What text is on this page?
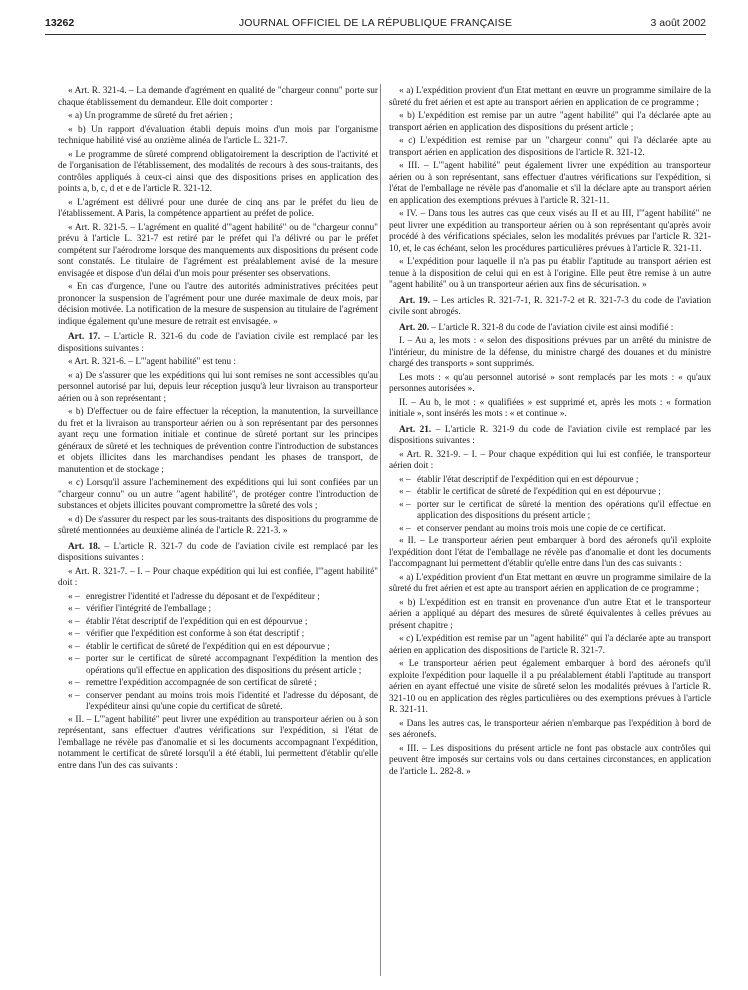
13262	JOURNAL OFFICIEL DE LA RÉPUBLIQUE FRANÇAISE	3 août 2002

« Art. R. 321-4. – La demande d'agrément en qualité de "chargeur connu" porte sur chaque établissement du demandeur. Elle doit comporter :

« a) Un programme de sûreté du fret aérien ;

« b) Un rapport d'évaluation établi depuis moins d'un mois par l'organisme technique habilité visé au onzième alinéa de l'article L. 321-7.

« Le programme de sûreté comprend obligatoirement la description de l'activité et de l'organisation de l'établissement, des modalités de recours à des sous-traitants, des contrôles appliqués à ceux-ci ainsi que des dispositions prises en application des points a, b, c, d et e de l'article R. 321-12.

« L'agrément est délivré pour une durée de cinq ans par le préfet du lieu de l'établissement. A Paris, la compétence appartient au préfet de police.

« Art. R. 321-5. – L'agrément en qualité d'"agent habilité" ou de "chargeur connu" prévu à l'article L. 321-7 est retiré par le préfet qui l'a délivré ou par le préfet compétent sur l'aérodrome lorsque des manquements aux dispositions du présent code sont constatés. Le titulaire de l'agrément est préalablement avisé de la mesure envisagée et dispose d'un délai d'un mois pour présenter ses observations.

« En cas d'urgence, l'une ou l'autre des autorités administratives précitées peut prononcer la suspension de l'agrément pour une durée maximale de deux mois, par décision motivée. La notification de la mesure de suspension au titulaire de l'agrément indique également qu'une mesure de retrait est envisagée. »

Art. 17. – L'article R. 321-6 du code de l'aviation civile est remplacé par les dispositions suivantes :

« Art. R. 321-6. – L'"agent habilité" est tenu :

« a) De s'assurer que les expéditions qui lui sont remises ne sont accessibles qu'au personnel autorisé par lui, depuis leur réception jusqu'à leur livraison au transporteur aérien ou à son représentant ;

« b) D'effectuer ou de faire effectuer la réception, la manutention, la surveillance du fret et la livraison au transporteur aérien ou à son représentant par des personnes ayant reçu une formation initiale et continue de sûreté portant sur les principes généraux de sûreté et les techniques de prévention contre l'introduction de substances et objets illicites dans les marchandises pendant les phases de transport, de manutention et de stockage ;

« c) Lorsqu'il assure l'acheminement des expéditions qui lui sont confiées par un "chargeur connu" ou un autre "agent habilité", de protéger contre l'introduction de substances et objets illicites pouvant compromettre la sûreté des vols ;

« d) De s'assurer du respect par les sous-traitants des dispositions du programme de sûreté mentionnées au deuxième alinéa de l'article R. 221-3. »

Art. 18. – L'article R. 321-7 du code de l'aviation civile est remplacé par les dispositions suivantes :

« Art. R. 321-7. – I. – Pour chaque expédition qui lui est confiée, l'"agent habilité" doit :

« – enregistrer l'identité et l'adresse du déposant et de l'expéditeur ;
« – vérifier l'intégrité de l'emballage ;
« – établir l'état descriptif de l'expédition qui en est dépourvue ;
« – vérifier que l'expédition est conforme à son état descriptif ;
« – établir le certificat de sûreté de l'expédition qui en est dépourvue ;
« – porter sur le certificat de sûreté accompagnant l'expédition la mention des opérations qu'il effectue en application des dispositions du présent article ;
« – remettre l'expédition accompagnée de son certificat de sûreté ;
« – conserver pendant au moins trois mois l'identité et l'adresse du déposant, de l'expéditeur ainsi qu'une copie du certificat de sûreté.

« II. – L'"agent habilité" peut livrer une expédition au transporteur aérien ou à son représentant, sans effectuer d'autres vérifications sur l'expédition, si l'état de l'emballage ne révèle pas d'anomalie et si les documents accompagnant l'expédition, notamment le certificat de sûreté lorsqu'il a été établi, lui permettent d'établir qu'elle entre dans l'un des cas suivants :

« a) L'expédition provient d'un Etat mettant en œuvre un programme similaire de la sûreté du fret aérien et est apte au transport aérien en application de ce programme ;

« b) L'expédition est remise par un autre "agent habilité" qui l'a déclarée apte au transport aérien en application des dispositions du présent article ;

« c) L'expédition est remise par un "chargeur connu" qui l'a déclarée apte au transport aérien en application des dispositions de l'article R. 321-12.

« III. – L'"agent habilité" peut également livrer une expédition au transporteur aérien ou à son représentant, sans effectuer d'autres vérifications sur l'expédition, si l'état de l'emballage ne révèle pas d'anomalie et s'il la déclare apte au transport aérien en application des exemptions prévues à l'article R. 321-11.

« IV. – Dans tous les autres cas que ceux visés au II et au III, l'"agent habilité" ne peut livrer une expédition au transporteur aérien ou à son représentant qu'après avoir procédé à des vérifications spéciales, selon les modalités prévues par l'article R. 321-10, et, le cas échéant, selon les procédures particulières prévues à l'article R. 321-11.

« L'expédition pour laquelle il n'a pas pu établir l'aptitude au transport aérien est tenue à la disposition de celui qui en est à l'origine. Elle peut être remise à un autre "agent habilité" ou à un transporteur aérien aux fins de sécurisation. »

Art. 19. – Les articles R. 321-7-1, R. 321-7-2 et R. 321-7-3 du code de l'aviation civile sont abrogés.

Art. 20. – L'article R. 321-8 du code de l'aviation civile est ainsi modifié :

I. – Au a, les mots : « selon des dispositions prévues par un arrêté du ministre de l'intérieur, du ministre de la défense, du ministre chargé des douanes et du ministre chargé des transports » sont supprimés.

Les mots : « qu'au personnel autorisé » sont remplacés par les mots : « qu'aux personnes autorisées ».

II. – Au b, le mot : « qualifiées » est supprimé et, après les mots : « formation initiale », sont insérés les mots : « et continue ».

Art. 21. – L'article R. 321-9 du code de l'aviation civile est remplacé par les dispositions suivantes :

« Art. R. 321-9. – I. – Pour chaque expédition qui lui est confiée, le transporteur aérien doit :

« – établir l'état descriptif de l'expédition qui en est dépourvue ;
« – établir le certificat de sûreté de l'expédition qui en est dépourvue ;
« – porter sur le certificat de sûreté la mention des opérations qu'il effectue en application des dispositions du présent article ;
« – et conserver pendant au moins trois mois une copie de ce certificat.

« II. – Le transporteur aérien peut embarquer à bord des aéronefs qu'il exploite l'expédition dont l'état de l'emballage ne révèle pas d'anomalie et dont les documents l'accompagnant lui permettent d'établir qu'elle entre dans l'un des cas suivants :

« a) L'expédition provient d'un Etat mettant en œuvre un programme similaire de la sûreté du fret aérien et est apte au transport aérien en application de ce programme ;

« b) L'expédition est en transit en provenance d'un autre Etat et le transporteur aérien a appliqué au départ des mesures de sûreté équivalentes à celles prévues au présent chapitre ;

« c) L'expédition est remise par un "agent habilité" qui l'a déclarée apte au transport aérien en application des dispositions de l'article R. 321-7.

« Le transporteur aérien peut également embarquer à bord des aéronefs qu'il exploite l'expédition pour laquelle il a pu préalablement établi l'aptitude au transport aérien en ayant effectué une visite de sûreté selon les modalités prévues à l'article R. 321-10 ou en application des règles particulières ou des exemptions prévues à l'article R. 321-11.

« Dans les autres cas, le transporteur aérien n'embarque pas l'expédition à bord de ses aéronefs.

« III. – Les dispositions du présent article ne font pas obstacle aux contrôles qui peuvent être imposés sur certains vols ou dans certaines circonstances, en application de l'article L. 282-8. »
